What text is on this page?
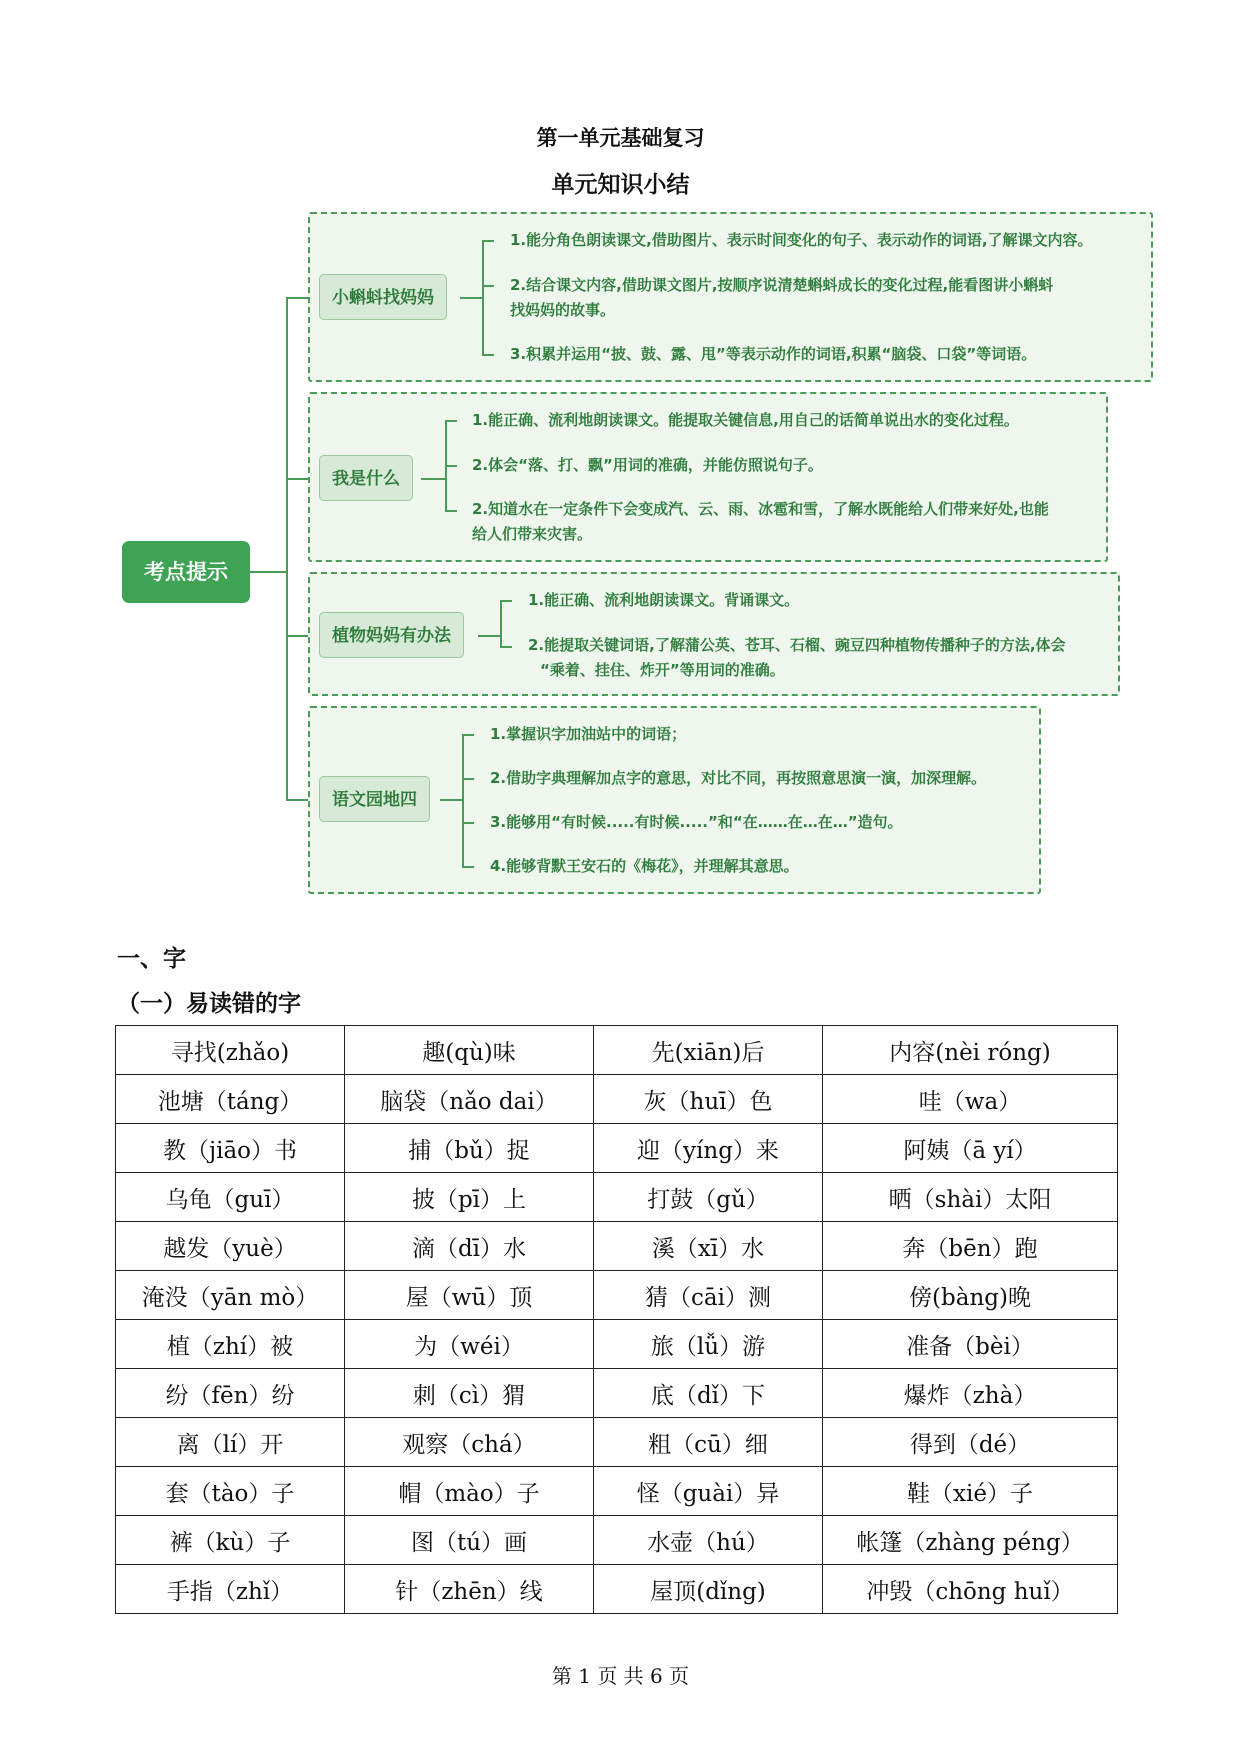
第一单元基础复习
单元知识小结
考点提示
小蝌蚪找妈妈
1.能分角色朗读课文,借助图片、表示时间变化的句子、表示动作的词语,了解课文内容。
2.结合课文内容,借助课文图片,按顺序说清楚蝌蚪成长的变化过程,能看图讲小蝌蚪
找妈妈的故事。
3.积累并运用“披、鼓、露、甩”等表示动作的词语,积累“脑袋、口袋”等词语。
我是什么
1.能正确、流利地朗读课文。能提取关键信息,用自己的话简单说出水的变化过程。
2.体会“落、打、飘”用词的准确，并能仿照说句子。
2.知道水在一定条件下会变成汽、云、雨、冰雹和雪，了解水既能给人们带来好处,也能
给人们带来灾害。
植物妈妈有办法
1.能正确、流利地朗读课文。背诵课文。
2.能提取关键词语,了解蒲公英、苍耳、石榴、豌豆四种植物传播种子的方法,体会
“乘着、挂住、炸开”等用词的准确。
语文园地四
1.掌握识字加油站中的词语；
2.借助字典理解加点字的意思，对比不同，再按照意思演一演，加深理解。
3.能够用“有时候.....有时候.....”和“在……在…在…”造句。
4.能够背默王安石的《梅花》，并理解其意思。
一、字
（一）易读错的字
寻找(zhǎo)	趣(qù)味	先(xiān)后	内容(nèi róng)
池塘（táng）	脑袋（nǎo dai）	灰（huī）色	哇（wa）
教（jiāo）书	捕（bǔ）捉	迎（yíng）来	阿姨（ā yí）
乌龟（guī）	披（pī）上	打鼓（gǔ）	晒（shài）太阳
越发（yuè）	滴（dī）水	溪（xī）水	奔（bēn）跑
淹没（yān mò）	屋（wū）顶	猜（cāi）测	傍(bàng)晚
植（zhí）被	为（wéi）	旅（lǚ）游	准备（bèi）
纷（fēn）纷	刺（cì）猬	底（dǐ）下	爆炸（zhà）
离（lí）开	观察（chá）	粗（cū）细	得到（dé）
套（tào）子	帽（mào）子	怪（guài）异	鞋（xié）子
裤（kù）子	图（tú）画	水壶（hú）	帐篷（zhàng péng）
手指（zhǐ）	针（zhēn）线	屋顶(dǐng)	冲毁（chōng huǐ）
第 1 页 共 6 页
